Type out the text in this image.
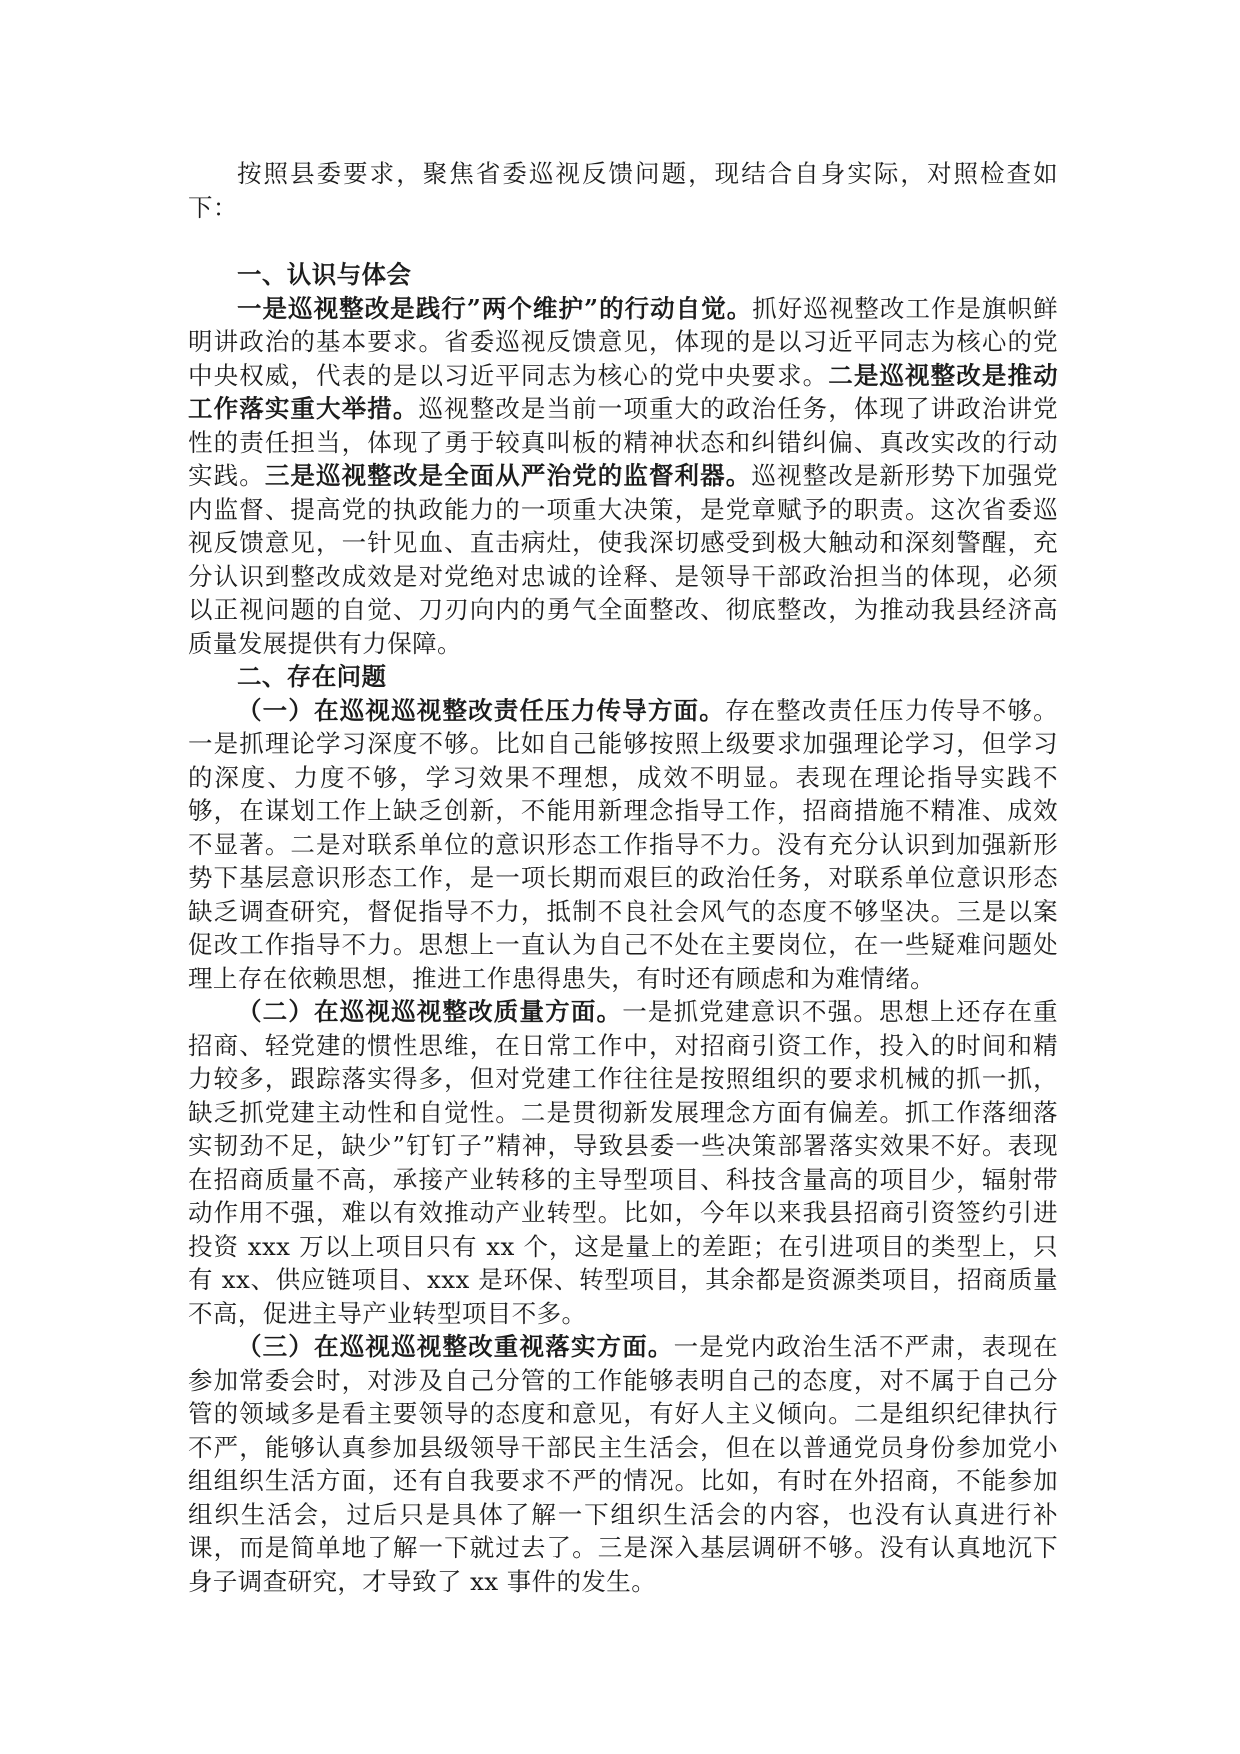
按照县委要求，聚焦省委巡视反馈问题，现结合自身实际，对照检查如下：

一、认识与体会

一是巡视整改是践行”两个维护”的行动自觉。抓好巡视整改工作是旗帜鲜明讲政治的基本要求。省委巡视反馈意见，体现的是以习近平同志为核心的党中央权威，代表的是以习近平同志为核心的党中央要求。二是巡视整改是推动工作落实重大举措。巡视整改是当前一项重大的政治任务，体现了讲政治讲党性的责任担当，体现了勇于较真叫板的精神状态和纠错纠偏、真改实改的行动实践。三是巡视整改是全面从严治党的监督利器。巡视整改是新形势下加强党内监督、提高党的执政能力的一项重大决策，是党章赋予的职责。这次省委巡视反馈意见，一针见血、直击病灶，使我深切感受到极大触动和深刻警醒，充分认识到整改成效是对党绝对忠诚的诠释、是领导干部政治担当的体现，必须以正视问题的自觉、刀刃向内的勇气全面整改、彻底整改，为推动我县经济高质量发展提供有力保障。

二、存在问题

（一）在巡视巡视整改责任压力传导方面。存在整改责任压力传导不够。一是抓理论学习深度不够。比如自己能够按照上级要求加强理论学习，但学习的深度、力度不够，学习效果不理想，成效不明显。表现在理论指导实践不够，在谋划工作上缺乏创新，不能用新理念指导工作，招商措施不精准、成效不显著。二是对联系单位的意识形态工作指导不力。没有充分认识到加强新形势下基层意识形态工作，是一项长期而艰巨的政治任务，对联系单位意识形态缺乏调查研究，督促指导不力，抵制不良社会风气的态度不够坚决。三是以案促改工作指导不力。思想上一直认为自己不处在主要岗位，在一些疑难问题处理上存在依赖思想，推进工作患得患失，有时还有顾虑和为难情绪。

（二）在巡视巡视整改质量方面。一是抓党建意识不强。思想上还存在重招商、轻党建的惯性思维，在日常工作中，对招商引资工作，投入的时间和精力较多，跟踪落实得多，但对党建工作往往是按照组织的要求机械的抓一抓，缺乏抓党建主动性和自觉性。二是贯彻新发展理念方面有偏差。抓工作落细落实韧劲不足，缺少”钉钉子”精神，导致县委一些决策部署落实效果不好。表现在招商质量不高，承接产业转移的主导型项目、科技含量高的项目少，辐射带动作用不强，难以有效推动产业转型。比如，今年以来我县招商引资签约引进投资 xxx 万以上项目只有 xx 个，这是量上的差距；在引进项目的类型上，只有 xx、供应链项目、xxx 是环保、转型项目，其余都是资源类项目，招商质量不高，促进主导产业转型项目不多。

（三）在巡视巡视整改重视落实方面。一是党内政治生活不严肃，表现在参加常委会时，对涉及自己分管的工作能够表明自己的态度，对不属于自己分管的领域多是看主要领导的态度和意见，有好人主义倾向。二是组织纪律执行不严，能够认真参加县级领导干部民主生活会，但在以普通党员身份参加党小组组织生活方面，还有自我要求不严的情况。比如，有时在外招商，不能参加组织生活会，过后只是具体了解一下组织生活会的内容，也没有认真进行补课，而是简单地了解一下就过去了。三是深入基层调研不够。没有认真地沉下身子调查研究，才导致了 xx 事件的发生。
